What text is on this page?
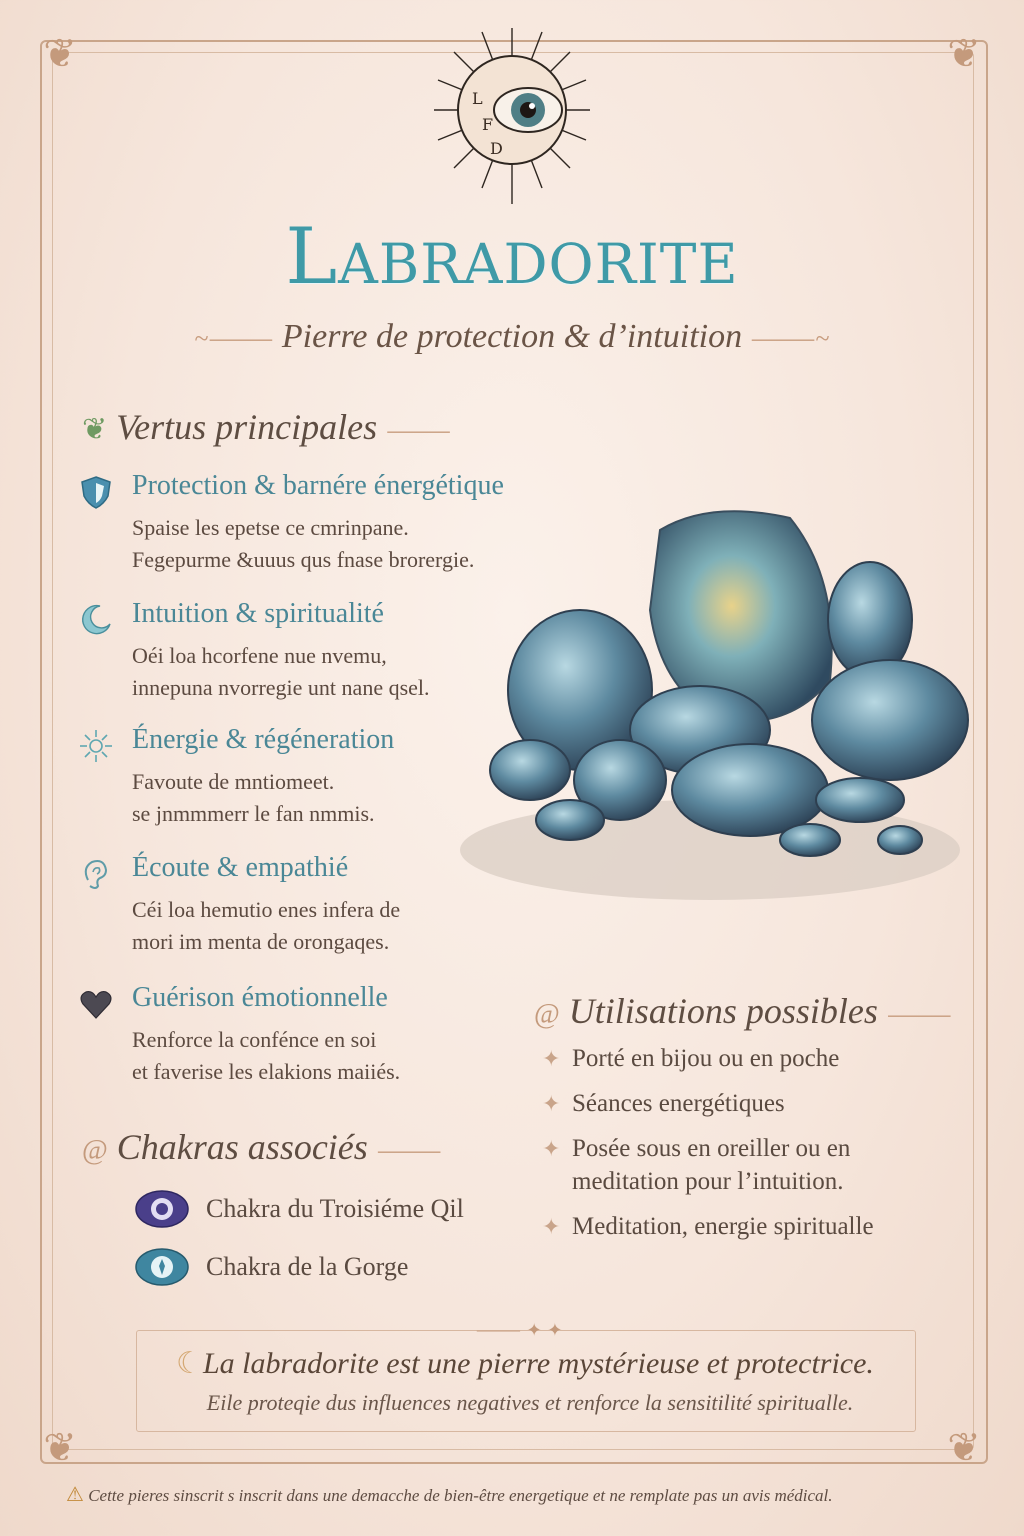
❦	❦
❦	❦
L
F
D
Labradorite
~⸻ Pierre de protection & d’intuition ⸻~
❦ Vertus principales ⸻
Protection & barnére énergétique

Spaise les epetse ce cmrinpane.
Fegepurme &uuus qus fnase brorergie.

Intuition & spiritualité

Oéi loa hcorfene nue nvemu,
innepuna nvorregie unt nane qsel.

Énergie & régéneration

Favoute de mntiomeet.
se jnmmmerr le fan nmmis.

Écoute & empathié

Céi loa hemutio enes infera de
mori im menta de orongaqes.

Guérison émotionnelle

Renforce la confénce en soi
et faverise les elakions maiiés.

@ Chakras associés ⸻
Chakra du Troisiéme Qil
Chakra de la Gorge
@ Utilisations possibles ⸻
✦ Porté en bijou ou en poche
✦ Séances energétiques
✦ Posée sous en oreiller ou en meditation pour l’intuition.
✦ Meditation, energie spiritualle
⸻ ✦ ✦
☾La labradorite est une pierre mystérieuse et protectrice.
Eile proteqie dus influences negatives et renforce la sensitilité spiritualle.
⚠ Cette pieres sinscrit s inscrit dans une demacche de bien-être energetique et ne remplate pas un avis médical.
